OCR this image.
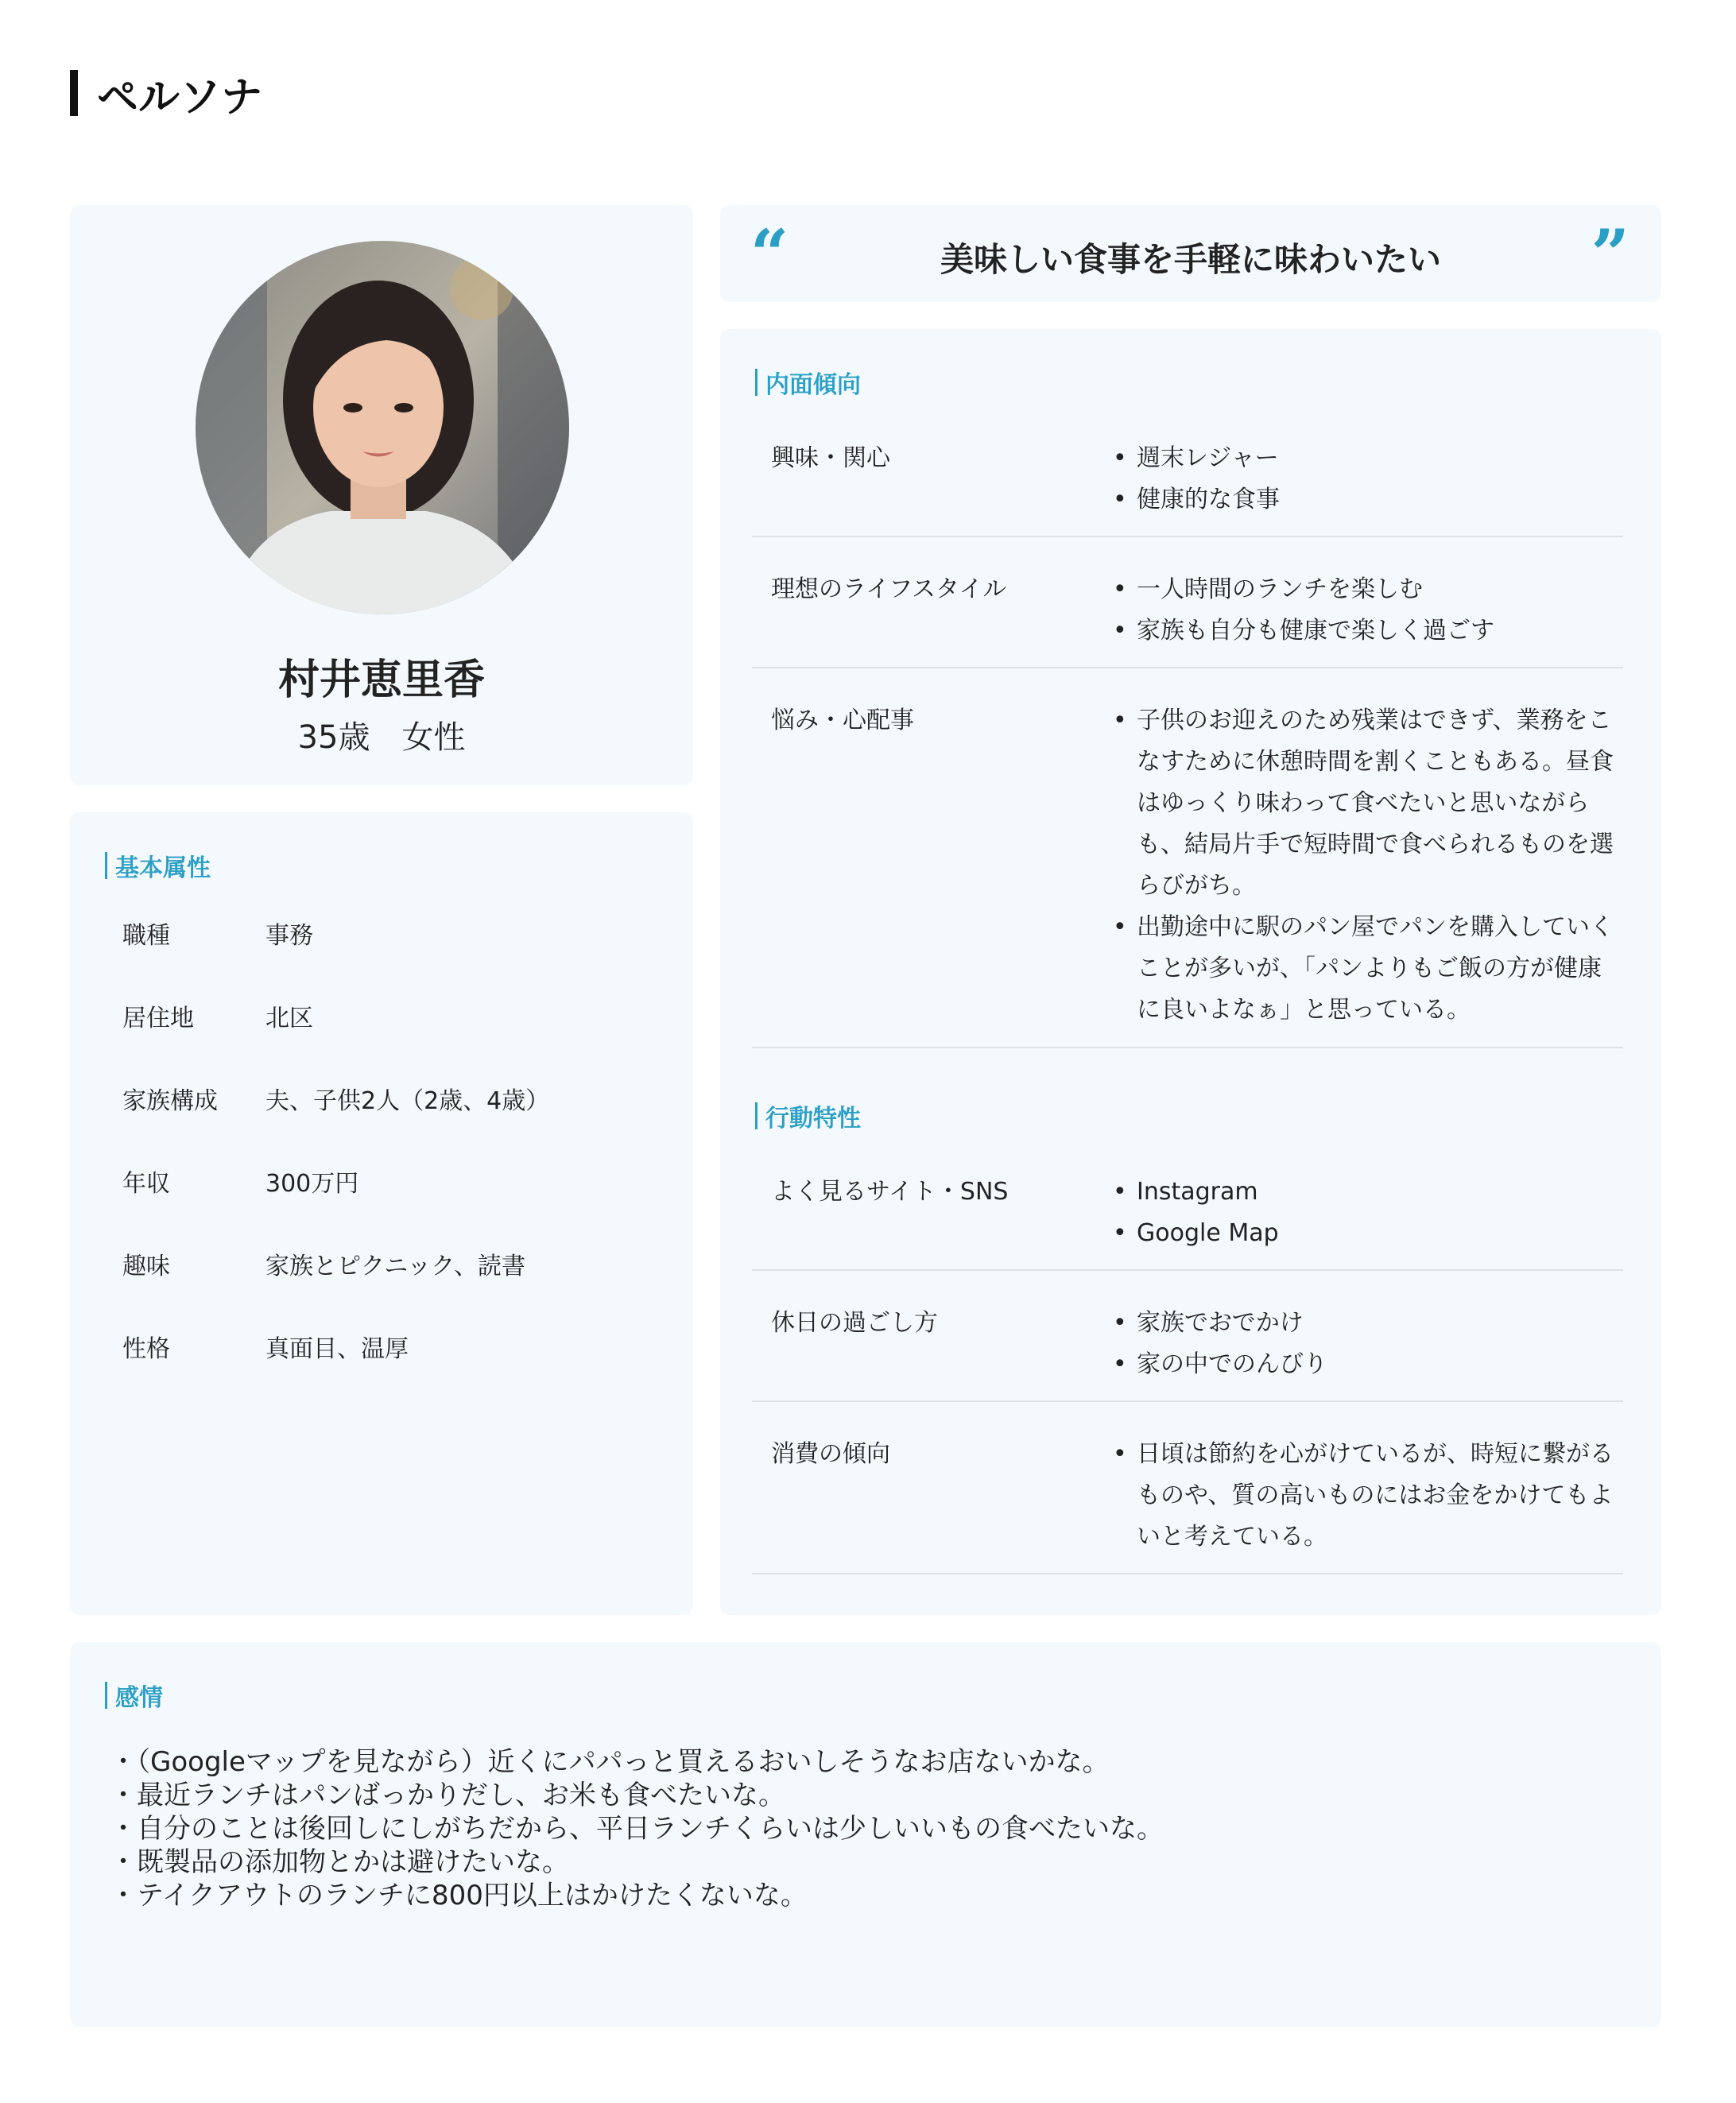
ペルソナ
村井恵里香
35歳　女性
基本属性
職種	事務
居住地	北区
家族構成	夫、子供2人（2歳、4歳）
年収	300万円
趣味	家族とピクニック、読書
性格	真面目、温厚
“	美味しい食事を手軽に味わいたい	”
内面傾向
興味・関心	• 週末レジャー
• 健康的な食事
理想のライフスタイル	• 一人時間のランチを楽しむ
• 家族も自分も健康で楽しく過ごす
悩み・心配事	• 子供のお迎えのため残業はできず、業務をこなすために休憩時間を割くこともある。昼食はゆっくり味わって食べたいと思いながらも、結局片手で短時間で食べられるものを選らびがち。
• 出勤途中に駅のパン屋でパンを購入していくことが多いが、「パンよりもご飯の方が健康に良いよなぁ」と思っている。
行動特性
よく見るサイト・SNS	• Instagram
• Google Map
休日の過ごし方	• 家族でおでかけ
• 家の中でのんびり
消費の傾向	• 日頃は節約を心がけているが、時短に繋がるものや、質の高いものにはお金をかけてもよいと考えている。
感情
・（Googleマップを見ながら）近くにパパっと買えるおいしそうなお店ないかな。
・最近ランチはパンばっかりだし、お米も食べたいな。
・自分のことは後回しにしがちだから、平日ランチくらいは少しいいもの食べたいな。
・既製品の添加物とかは避けたいな。
・テイクアウトのランチに800円以上はかけたくないな。
